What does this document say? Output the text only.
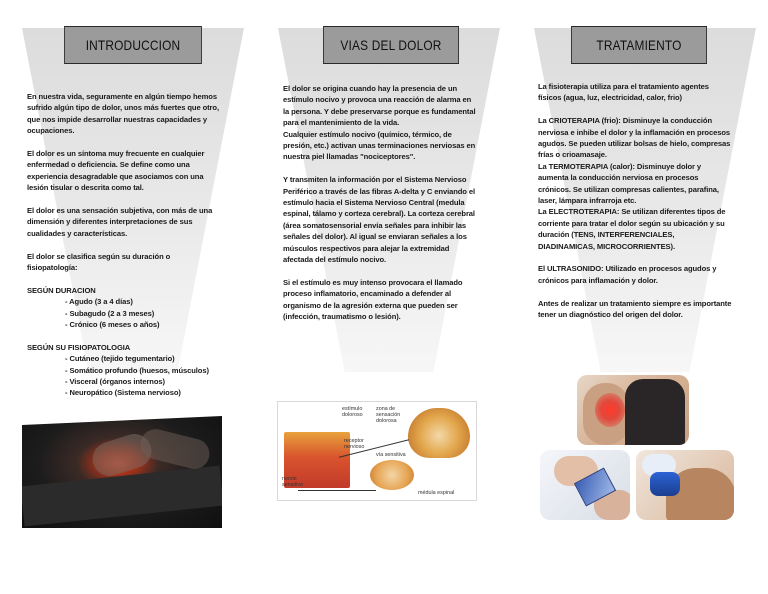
INTRODUCCION

En nuestra vida, seguramente en algún tiempo hemos sufrido algún tipo de dolor, unos más fuertes que otro, que nos impide desarrollar nuestras capacidades y ocupaciones.

El dolor es un síntoma muy frecuente en cualquier enfermedad o deficiencia. Se define como una experiencia desagradable que asociamos con una lesión tisular o descrita como tal.

El dolor es una sensación subjetiva, con más de una dimensión y diferentes interpretaciones de sus cualidades y características.

El dolor se clasifica según su duración o fisiopatología:

SEGÚN DURACION

- Agudo (3 a 4 días)
- Subagudo (2 a 3 meses)
- Crónico (6 meses o años)

SEGÚN SU FISIOPATOLOGIA

- Cutáneo (tejido tegumentario)
- Somático profundo (huesos, músculos)
- Visceral (órganos internos)
- Neuropático (Sistema nervioso)
VIAS DEL DOLOR

El dolor se origina cuando hay la presencia de un estímulo nocivo y provoca una reacción de alarma en la persona. Y debe preservarse porque es fundamental para el mantenimiento de la vida.

Cualquier estímulo nocivo (químico, térmico, de presión, etc.) activan unas terminaciones nerviosas en nuestra piel llamadas "nociceptores".

Y transmiten la información por el Sistema Nervioso Periférico a través de las fibras A-delta y C enviando el estímulo hacia el Sistema Nervioso Central (medula espinal, tálamo y corteza cerebral). La corteza cerebral (área somatosensorial envía señales para inhibir las señales del dolor). Al igual se enviaran señales a los músculos respectivos para alejar la extremidad afectada del estímulo nocivo.

Si el estímulo es muy intenso provocara el llamado proceso inflamatorio, encaminado a defender al organismo de la agresión externa que pueden ser (infección, traumatismo o lesión).

estímulo doloroso
zona de sensación dolorosa
receptor nervioso
vía sensitiva
nervio sensitivo
médula espinal
TRATAMIENTO

La fisioterapia utiliza para el tratamiento agentes físicos (agua, luz, electricidad, calor, frio)

La CRIOTERAPIA (frio): Disminuye la conducción nerviosa e inhibe el dolor y la inflamación en procesos agudos. Se pueden utilizar bolsas de hielo, compresas frías o crioamasaje.

La TERMOTERAPIA (calor): Disminuye dolor y aumenta la conducción nerviosa en procesos crónicos. Se utilizan compresas calientes, parafina, laser, lámpara infrarroja etc.

La ELECTROTERAPIA: Se utilizan diferentes tipos de corriente para tratar el dolor según su ubicación y su duración (TENS, INTERFERENCIALES, DIADINAMICAS, MICROCORRIENTES).

El ULTRASONIDO: Utilizado en procesos agudos y crónicos para inflamación y dolor.

Antes de realizar un tratamiento siempre es importante tener un diagnóstico del origen del dolor.
